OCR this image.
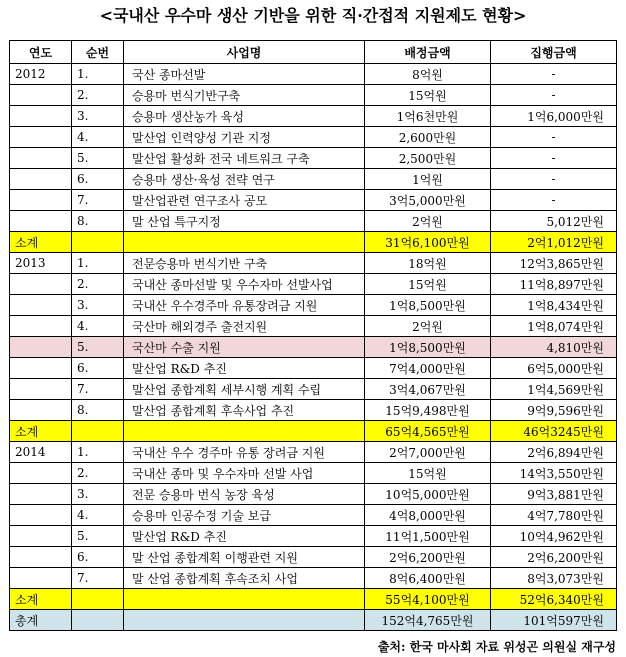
<국내산 우수마 생산 기반을 위한 직·간접적 지원제도 현황>
연도	순번	사업명	배정금액	집행금액
2012	1.	국산 종마선발	8억원	-
	2.	승용마 번식기반구축	15억원	-
	3.	승용마 생산농가 육성	1억6천만원	1억6,000만원
	4.	말산업 인력양성 기관 지정	2,600만원	-
	5.	말산업 활성화 전국 네트워크 구축	2,500만원	-
	6.	승용마 생산·육성 전략 연구	1억원	-
	7.	말산업관련 연구조사 공모	3억5,000만원	-
	8.	말 산업 특구지정	2억원	5,012만원
소계			31억6,100만원	2억1,012만원
2013	1.	전문승용마 번식기반 구축	18억원	12억3,865만원
	2.	국내산 종마선발 및 우수자마 선발사업	15억원	11억8,897만원
	3.	국내산 우수경주마 유통장려금 지원	1억8,500만원	1억8,434만원
	4.	국산마 해외경주 출전지원	2억원	1억8,074만원
	5.	국산마 수출 지원	1억8,500만원	4,810만원
	6.	말산업 R&D 추진	7억4,000만원	6억5,000만원
	7.	말산업 종합계획 세부시행 계획 수립	3억4,067만원	1억4,569만원
	8.	말산업 종합계획 후속사업 추진	15억9,498만원	9억9,596만원
소계			65억4,565만원	46억3245만원
2014	1.	국내산 우수 경주마 유통 장려금 지원	2억7,000만원	2억6,894만원
	2.	국내산 종마 및 우수자마 선발 사업	15억원	14억3,550만원
	3.	전문 승용마 번식 농장 육성	10억5,000만원	9억3,881만원
	4.	승용마 인공수정 기술 보급	4억8,000만원	4억7,780만원
	5.	말산업 R&D 추진	11억1,500만원	10억4,962만원
	6.	말 산업 종합계획 이행관련 지원	2억6,200만원	2억6,200만원
	7.	말 산업 종합계획 후속조치 사업	8억6,400만원	8억3,073만원
소계			55억4,100만원	52억6,340만원
총계			152억4,765만원	101억597만원
출처: 한국 마사회 자료 위성곤 의원실 재구성
